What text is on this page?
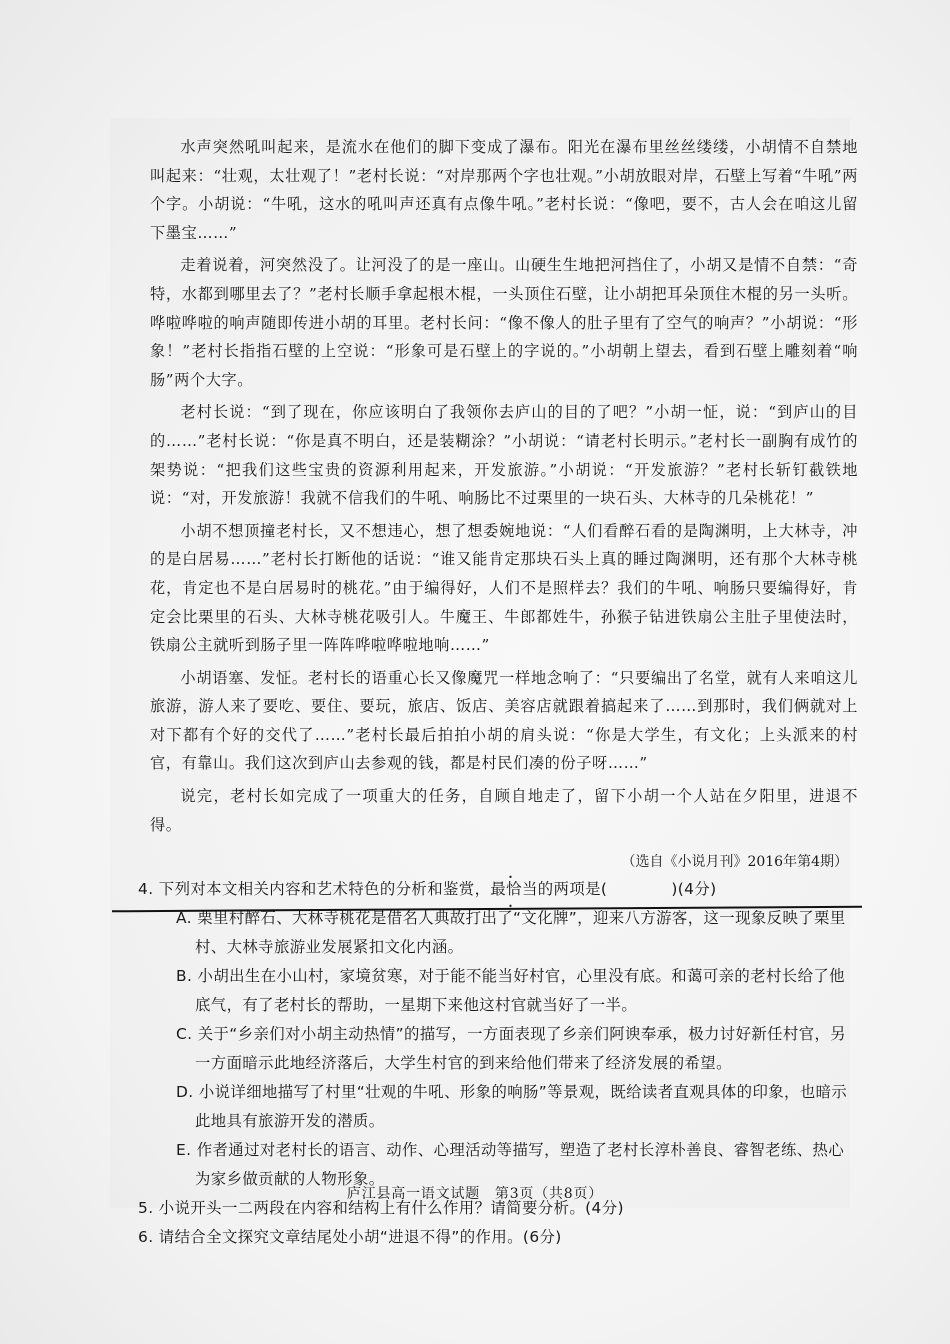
水声突然吼叫起来，是流水在他们的脚下变成了瀑布。阳光在瀑布里丝丝缕缕，小胡情不自禁地叫起来：“壮观，太壮观了！”老村长说：“对岸那两个字也壮观。”小胡放眼对岸，石壁上写着“牛吼”两个字。小胡说：“牛吼，这水的吼叫声还真有点像牛吼。”老村长说：“像吧，要不，古人会在咱这儿留下墨宝……”

走着说着，河突然没了。让河没了的是一座山。山硬生生地把河挡住了，小胡又是情不自禁：“奇特，水都到哪里去了？”老村长顺手拿起根木棍，一头顶住石壁，让小胡把耳朵顶住木棍的另一头听。哗啦哗啦的响声随即传进小胡的耳里。老村长问：“像不像人的肚子里有了空气的响声？”小胡说：“形象！”老村长指指石壁的上空说：“形象可是石壁上的字说的。”小胡朝上望去，看到石壁上雕刻着“响肠”两个大字。

老村长说：“到了现在，你应该明白了我领你去庐山的目的了吧？”小胡一怔，说：“到庐山的目的……”老村长说：“你是真不明白，还是装糊涂？”小胡说：“请老村长明示。”老村长一副胸有成竹的架势说：“把我们这些宝贵的资源利用起来，开发旅游。”小胡说：“开发旅游？”老村长斩钉截铁地说：“对，开发旅游！我就不信我们的牛吼、响肠比不过栗里的一块石头、大林寺的几朵桃花！”

小胡不想顶撞老村长，又不想违心，想了想委婉地说：“人们看醉石看的是陶渊明，上大林寺，冲的是白居易……”老村长打断他的话说：“谁又能肯定那块石头上真的睡过陶渊明，还有那个大林寺桃花，肯定也不是白居易时的桃花。”由于编得好，人们不是照样去？我们的牛吼、响肠只要编得好，肯定会比栗里的石头、大林寺桃花吸引人。牛魔王、牛郎都姓牛，孙猴子钻进铁扇公主肚子里使法时，铁扇公主就听到肠子里一阵阵哗啦哗啦地响……”

小胡语塞、发怔。老村长的语重心长又像魔咒一样地念响了：“只要编出了名堂，就有人来咱这儿旅游，游人来了要吃、要住、要玩，旅店、饭店、美容店就跟着搞起来了……到那时，我们俩就对上对下都有个好的交代了……”老村长最后拍拍小胡的肩头说：“你是大学生，有文化；上头派来的村官，有靠山。我们这次到庐山去参观的钱，都是村民们凑的份子呀……”

说完，老村长如完成了一项重大的任务，自顾自地走了，留下小胡一个人站在夕阳里，进退不得。

（选自《小说月刊》2016年第4期）

4. 下列对本文相关内容和艺术特色的分析和鉴赏，最恰当 • •的两项是(	)(4分)

A. 栗里村醉石、大林寺桃花是借名人典故打出了“文化牌”，迎来八方游客，这一现象反映了栗里村、大林寺旅游业发展紧扣文化内涵。

B. 小胡出生在小山村，家境贫寒，对于能不能当好村官，心里没有底。和蔼可亲的老村长给了他底气，有了老村长的帮助，一星期下来他这村官就当好了一半。

C. 关于“乡亲们对小胡主动热情”的描写，一方面表现了乡亲们阿谀奉承，极力讨好新任村官，另一方面暗示此地经济落后，大学生村官的到来给他们带来了经济发展的希望。

D. 小说详细地描写了村里“壮观的牛吼、形象的响肠”等景观，既给读者直观具体的印象，也暗示此地具有旅游开发的潜质。

E. 作者通过对老村长的语言、动作、心理活动等描写，塑造了老村长淳朴善良、睿智老练、热心为家乡做贡献的人物形象。

5. 小说开头一二两段在内容和结构上有什么作用？请简要分析。(4分)

6. 请结合全文探究文章结尾处小胡“进退不得”的作用。(6分)

庐江县高一语文试题　第3页（共8页）
